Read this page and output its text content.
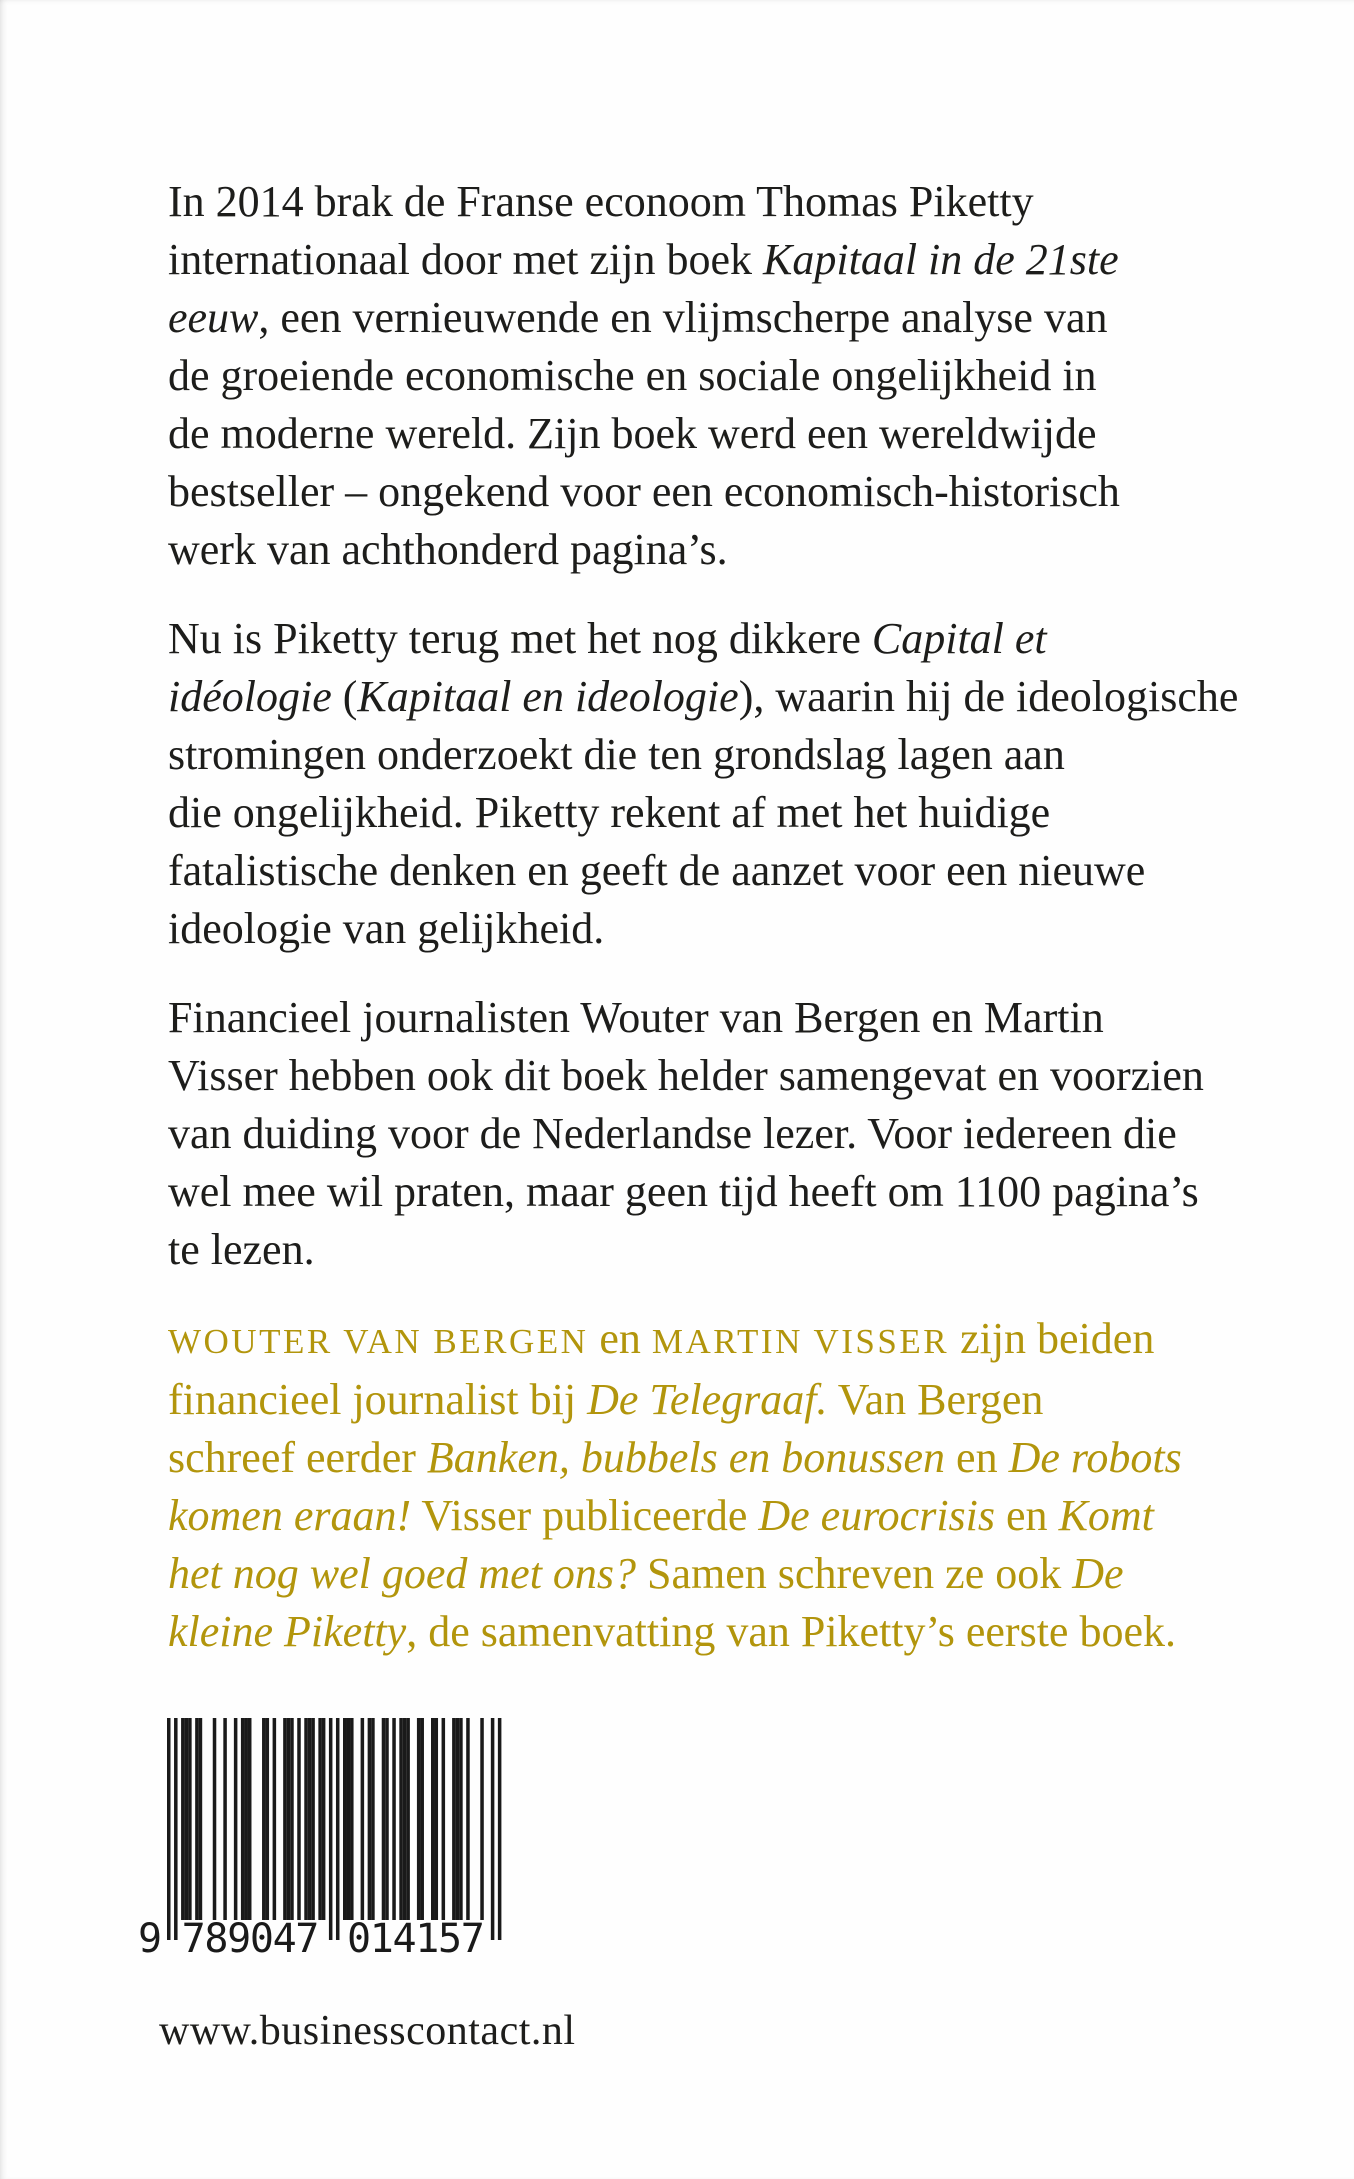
In 2014 brak de Franse econoom Thomas Piketty
internationaal door met zijn boek Kapitaal in de 21ste
eeuw, een vernieuwende en vlijmscherpe analyse van
de groeiende economische en sociale ongelijkheid in
de moderne wereld. Zijn boek werd een wereldwijde
bestseller – ongekend voor een economisch-historisch
werk van achthonderd pagina’s.
Nu is Piketty terug met het nog dikkere Capital et
idéologie (Kapitaal en ideologie), waarin hij de ideologische
stromingen onderzoekt die ten grondslag lagen aan
die ongelijkheid. Piketty rekent af met het huidige
fatalistische denken en geeft de aanzet voor een nieuwe
ideologie van gelijkheid.
Financieel journalisten Wouter van Bergen en Martin
Visser hebben ook dit boek helder samengevat en voorzien
van duiding voor de Nederlandse lezer. Voor iedereen die
wel mee wil praten, maar geen tijd heeft om 1100 pagina’s
te lezen.
WOUTER VAN BERGEN en MARTIN VISSER zijn beiden
financieel journalist bij De Telegraaf. Van Bergen
schreef eerder Banken, bubbels en bonussen en De robots
komen eraan! Visser publiceerde De eurocrisis en Komt
het nog wel goed met ons? Samen schreven ze ook De
kleine Piketty, de samenvatting van Piketty’s eerste boek.
9 789047 014157
www.businesscontact.nl
